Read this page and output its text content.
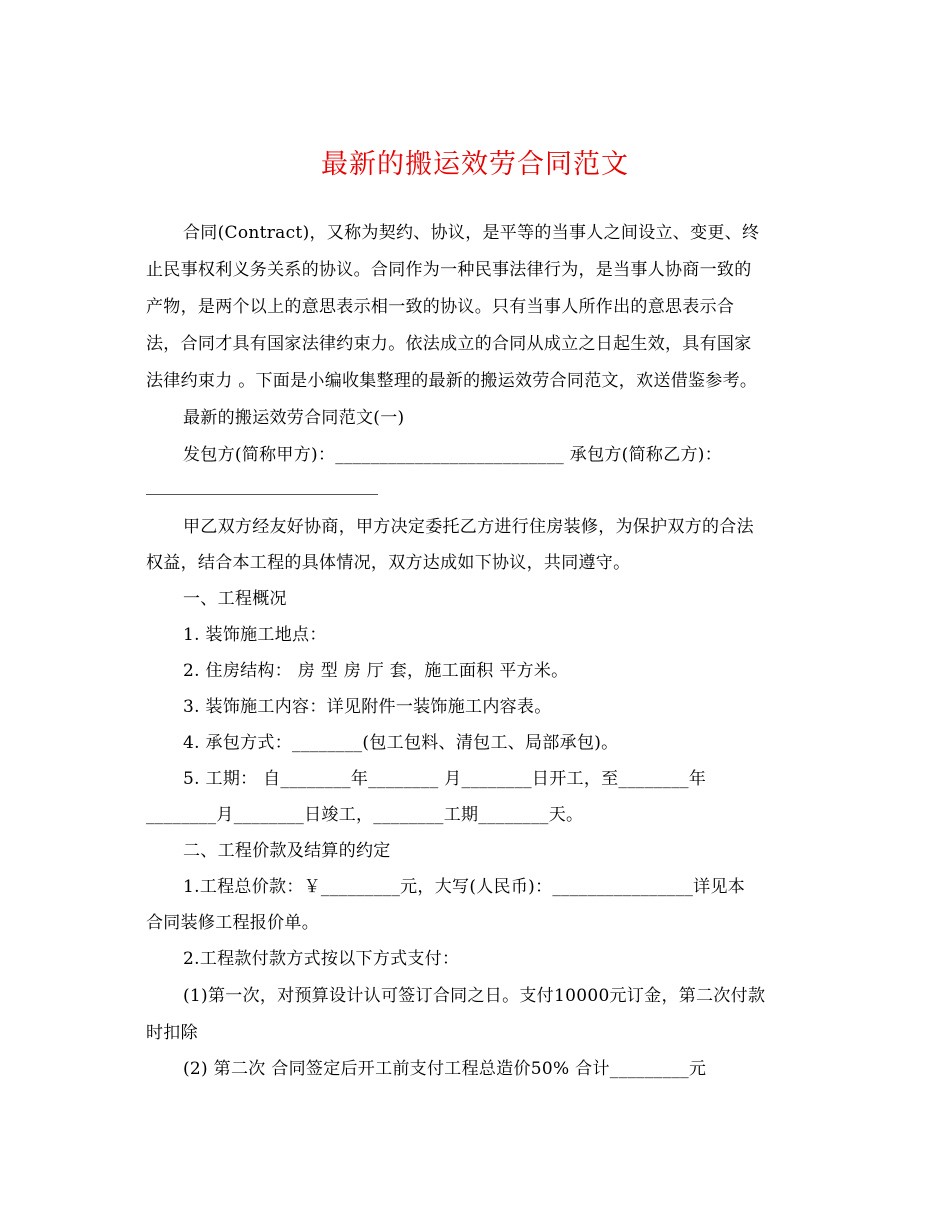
最新的搬运效劳合同范文
合同(Contract)，又称为契约、协议，是平等的当事人之间设立、变更、终
止民事权利义务关系的协议。合同作为一种民事法律行为，是当事人协商一致的
产物，是两个以上的意思表示相一致的协议。只有当事人所作出的意思表示合
法，合同才具有国家法律约束力。依法成立的合同从成立之日起生效，具有国家
法律约束力 。下面是小编收集整理的最新的搬运效劳合同范文，欢送借鉴参考。
最新的搬运效劳合同范文(一)
发包方(简称甲方)：__________________________ 承包方(简称乙方)：
甲乙双方经友好协商，甲方决定委托乙方进行住房装修，为保护双方的合法
权益，结合本工程的具体情况，双方达成如下协议，共同遵守。
一、工程概况
1. 装饰施工地点：
2. 住房结构： 房 型 房 厅 套，施工面积 平方米。
3. 装饰施工内容：详见附件一装饰施工内容表。
4. 承包方式：________(包工包料、清包工、局部承包)。
5. 工期： 自________年________ 月________日开工，至________年
________月________日竣工，________工期________天。
二、工程价款及结算的约定
1.工程总价款：￥_________元，大写(人民币)：________________详见本
合同装修工程报价单。
2.工程款付款方式按以下方式支付：
(1)第一次，对预算设计认可签订合同之日。支付10000元订金，第二次付款
时扣除
(2) 第二次 合同签定后开工前支付工程总造价50% 合计_________元
